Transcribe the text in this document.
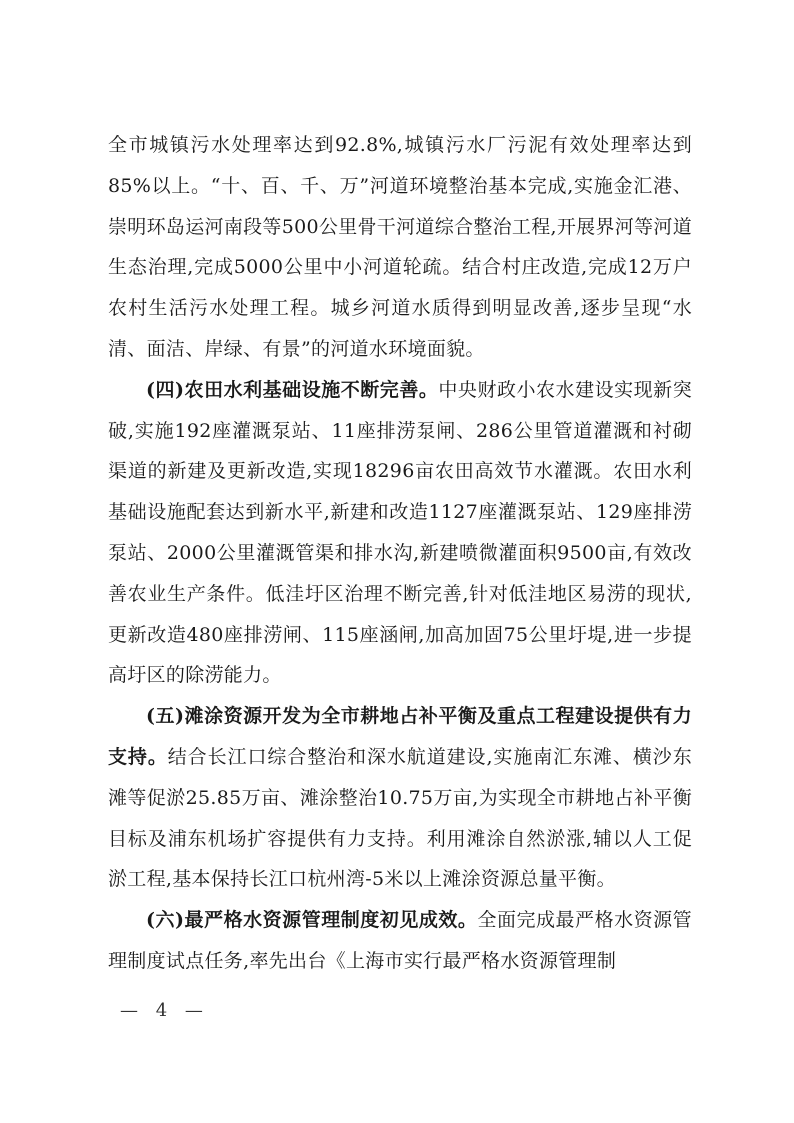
全市城镇污水处理率达到92.8%,城镇污水厂污泥有效处理率达到85%以上。“十、百、千、万”河道环境整治基本完成,实施金汇港、崇明环岛运河南段等500公里骨干河道综合整治工程,开展界河等河道生态治理,完成5000公里中小河道轮疏。结合村庄改造,完成12万户农村生活污水处理工程。城乡河道水质得到明显改善,逐步呈现“水清、面洁、岸绿、有景”的河道水环境面貌。

(四)农田水利基础设施不断完善。中央财政小农水建设实现新突破,实施192座灌溉泵站、11座排涝泵闸、286公里管道灌溉和衬砌渠道的新建及更新改造,实现18296亩农田高效节水灌溉。农田水利基础设施配套达到新水平,新建和改造1127座灌溉泵站、129座排涝泵站、2000公里灌溉管渠和排水沟,新建喷微灌面积9500亩,有效改善农业生产条件。低洼圩区治理不断完善,针对低洼地区易涝的现状,更新改造480座排涝闸、115座涵闸,加高加固75公里圩堤,进一步提高圩区的除涝能力。

(五)滩涂资源开发为全市耕地占补平衡及重点工程建设提供有力支持。结合长江口综合整治和深水航道建设,实施南汇东滩、横沙东滩等促淤25.85万亩、滩涂整治10.75万亩,为实现全市耕地占补平衡目标及浦东机场扩容提供有力支持。利用滩涂自然淤涨,辅以人工促淤工程,基本保持长江口杭州湾-5米以上滩涂资源总量平衡。

(六)最严格水资源管理制度初见成效。全面完成最严格水资源管理制度试点任务,率先出台《上海市实行最严格水资源管理制

— 4 —
